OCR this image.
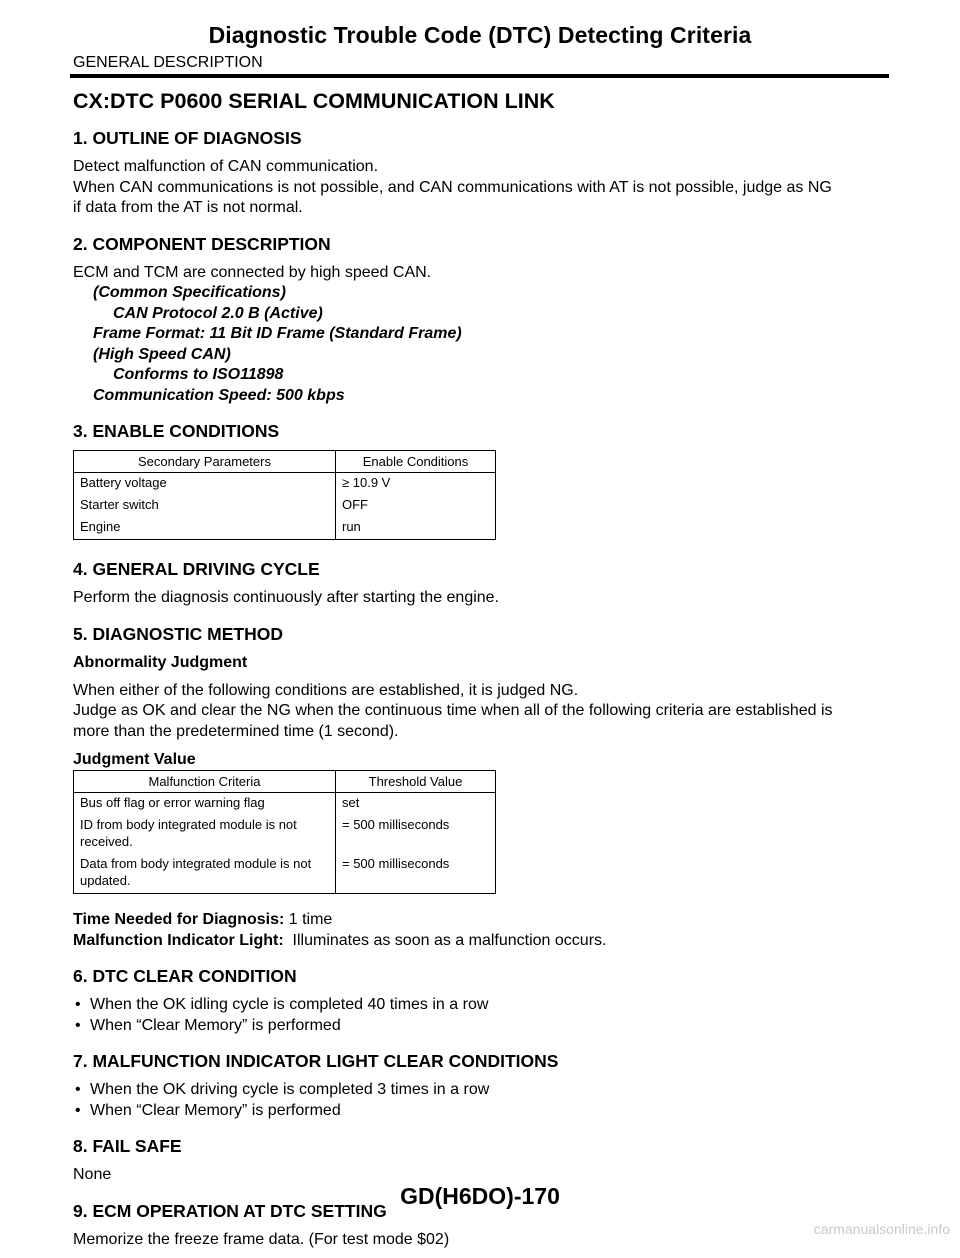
Diagnostic Trouble Code (DTC) Detecting Criteria
GENERAL DESCRIPTION
CX:DTC P0600 SERIAL COMMUNICATION LINK
1. OUTLINE OF DIAGNOSIS
Detect malfunction of CAN communication.
When CAN communications is not possible, and CAN communications with AT is not possible, judge as NG
if data from the AT is not normal.
2. COMPONENT DESCRIPTION
ECM and TCM are connected by high speed CAN.
(Common Specifications)
CAN Protocol 2.0 B (Active)
Frame Format: 11 Bit ID Frame (Standard Frame)
(High Speed CAN)
Conforms to ISO11898
Communication Speed: 500 kbps
3. ENABLE CONDITIONS
Secondary Parameters	Enable Conditions
Battery voltage	≥ 10.9 V
Starter switch	OFF
Engine	run
4. GENERAL DRIVING CYCLE
Perform the diagnosis continuously after starting the engine.
5. DIAGNOSTIC METHOD
Abnormality Judgment
When either of the following conditions are established, it is judged NG.
Judge as OK and clear the NG when the continuous time when all of the following criteria are established is
more than the predetermined time (1 second).
Judgment Value
Malfunction Criteria	Threshold Value
Bus off flag or error warning flag	set
ID from body integrated module is not received.	= 500 milliseconds
Data from body integrated module is not updated.	= 500 milliseconds
Time Needed for Diagnosis: 1 time
Malfunction Indicator Light:  Illuminates as soon as a malfunction occurs.
6. DTC CLEAR CONDITION
• When the OK idling cycle is completed 40 times in a row
• When “Clear Memory” is performed
7. MALFUNCTION INDICATOR LIGHT CLEAR CONDITIONS
• When the OK driving cycle is completed 3 times in a row
• When “Clear Memory” is performed
8. FAIL SAFE
None
9. ECM OPERATION AT DTC SETTING
Memorize the freeze frame data. (For test mode $02)
GD(H6DO)-170
carmanualsonline.info
